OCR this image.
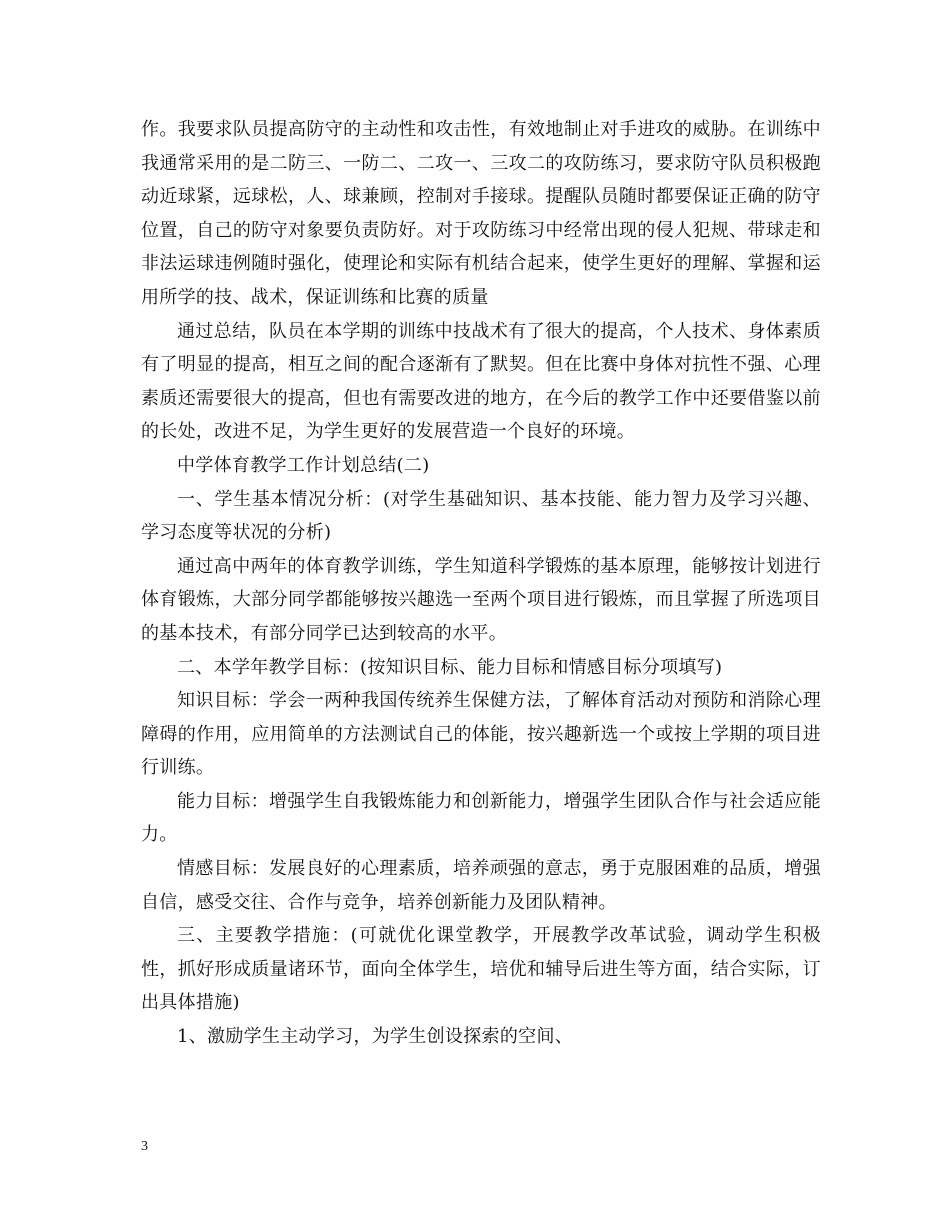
作。我要求队员提高防守的主动性和攻击性，有效地制止对手进攻的威胁。在训练中我通常采用的是二防三、一防二、二攻一、三攻二的攻防练习，要求防守队员积极跑动近球紧，远球松，人、球兼顾，控制对手接球。提醒队员随时都要保证正确的防守位置，自己的防守对象要负责防好。对于攻防练习中经常出现的侵人犯规、带球走和非法运球违例随时强化，使理论和实际有机结合起来，使学生更好的理解、掌握和运用所学的技、战术，保证训练和比赛的质量

通过总结，队员在本学期的训练中技战术有了很大的提高，个人技术、身体素质有了明显的提高，相互之间的配合逐渐有了默契。但在比赛中身体对抗性不强、心理素质还需要很大的提高，但也有需要改进的地方，在今后的教学工作中还要借鉴以前的长处，改进不足，为学生更好的发展营造一个良好的环境。

中学体育教学工作计划总结(二)

一、学生基本情况分析：(对学生基础知识、基本技能、能力智力及学习兴趣、学习态度等状况的分析)

通过高中两年的体育教学训练，学生知道科学锻炼的基本原理，能够按计划进行体育锻炼，大部分同学都能够按兴趣选一至两个项目进行锻炼，而且掌握了所选项目的基本技术，有部分同学已达到较高的水平。

二、本学年教学目标：(按知识目标、能力目标和情感目标分项填写)

知识目标：学会一两种我国传统养生保健方法，了解体育活动对预防和消除心理障碍的作用，应用简单的方法测试自己的体能，按兴趣新选一个或按上学期的项目进行训练。

能力目标：增强学生自我锻炼能力和创新能力，增强学生团队合作与社会适应能力。

情感目标：发展良好的心理素质，培养顽强的意志，勇于克服困难的品质，增强自信，感受交往、合作与竞争，培养创新能力及团队精神。

三、主要教学措施：(可就优化课堂教学，开展教学改革试验，调动学生积极性，抓好形成质量诸环节，面向全体学生，培优和辅导后进生等方面，结合实际，订出具体措施)

1、激励学生主动学习，为学生创设探索的空间、

3
